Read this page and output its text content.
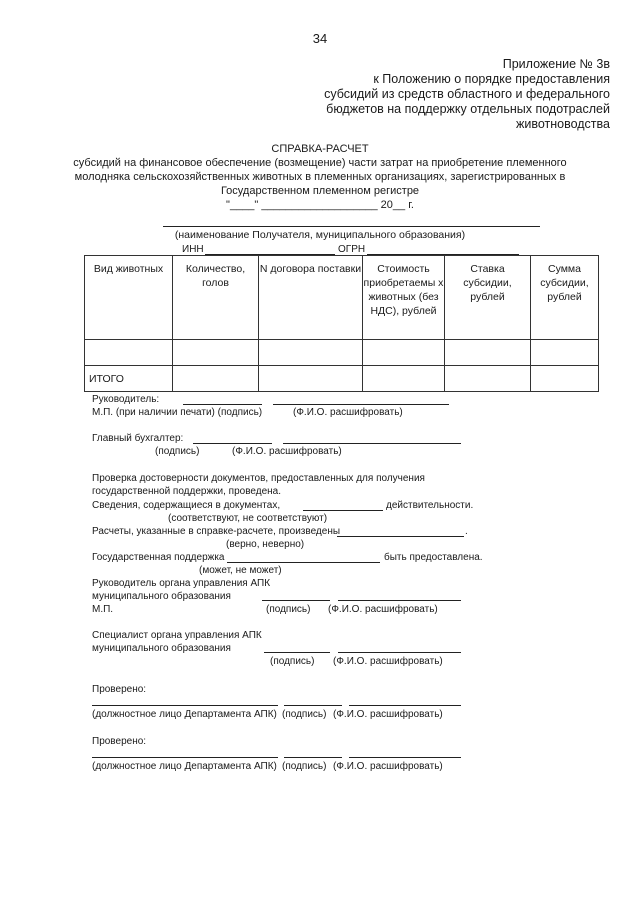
34
Приложение № 3в
к Положению о порядке предоставления
субсидий из средств областного и федерального
бюджетов на поддержку отдельных подотраслей
животноводства
СПРАВКА-РАСЧЕТ
субсидий на финансовое обеспечение (возмещение) части затрат на приобретение племенного
молодняка сельскохозяйственных животных в племенных организациях, зарегистрированных в
Государственном племенном регистре
"____" ___________________ 20__ г.
(наименование Получателя, муниципального образования)
ИНН	ОГРН
Вид животных	Количество, голов	N договора поставки	Стоимость приобретаемы х животных (без НДС), рублей	Ставка субсидии, рублей	Сумма субсидии, рублей

ИТОГО					
Руководитель:
М.П. (при наличии печати) (подпись)	(Ф.И.О. расшифровать)
Главный бухгалтер:
(подпись)	(Ф.И.О. расшифровать)
Проверка достоверности документов, предоставленных для получения
государственной поддержки, проведена.
Сведения, содержащиеся в документах,	действительности.
(соответствуют, не соответствуют)
Расчеты, указанные в справке-расчете, произведены	.
(верно, неверно)
Государственная поддержка	быть предоставлена.
(может, не может)
Руководитель органа управления АПК
муниципального образования
М.П.	(подпись) (Ф.И.О. расшифровать)
Специалист органа управления АПК
муниципального образования
(подпись) (Ф.И.О. расшифровать)
Проверено:
(должностное лицо Департамента АПК) (подпись) (Ф.И.О. расшифровать)
Проверено:
(должностное лицо Департамента АПК) (подпись) (Ф.И.О. расшифровать)
